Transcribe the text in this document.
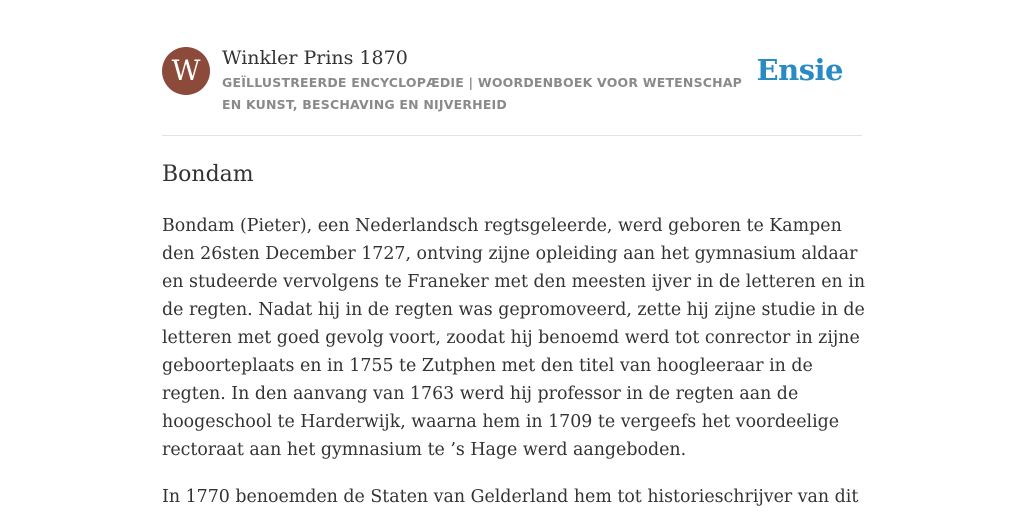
W	Winkler Prins 1870
GEÏLLUSTREERDE ENCYCLOPÆDIE | WOORDENBOEK VOOR WETENSCHAP EN KUNST, BESCHAVING EN NIJVERHEID
Ensie
Bondam

Bondam (Pieter), een Nederlandsch regtsgeleerde, werd geboren te Kampen den 26sten December 1727, ontving zijne opleiding aan het gymnasium aldaar en studeerde vervolgens te Franeker met den meesten ijver in de letteren en in de regten. Nadat hij in de regten was gepromoveerd, zette hij zijne studie in de letteren met goed gevolg voort, zoodat hij benoemd werd tot conrector in zijne geboorteplaats en in 1755 te Zutphen met den titel van hoogleeraar in de regten. In den aanvang van 1763 werd hij professor in de regten aan de hoogeschool te Harderwijk, waarna hem in 1709 te vergeefs het voordeelige rectoraat aan het gymnasium te ’s Hage werd aangeboden.

In 1770 benoemden de Staten van Gelderland hem tot historieschrijver van dit
